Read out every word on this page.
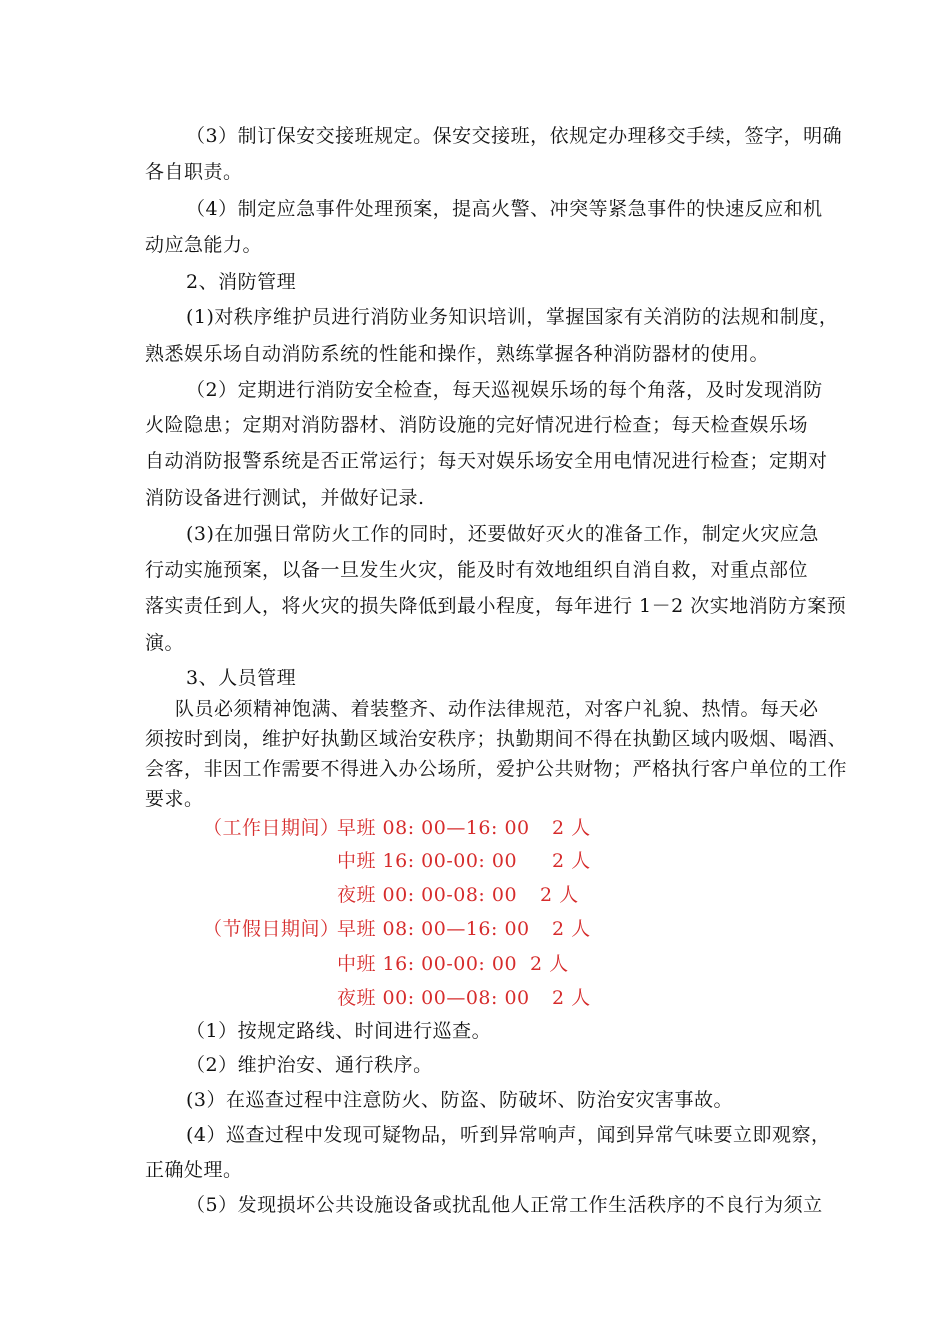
（3）制订保安交接班规定。保安交接班，依规定办理移交手续，签字，明确
各自职责。
（4）制定应急事件处理预案，提高火警、冲突等紧急事件的快速反应和机
动应急能力。
2、消防管理
(1)对秩序维护员进行消防业务知识培训，掌握国家有关消防的法规和制度，
熟悉娱乐场自动消防系统的性能和操作，熟练掌握各种消防器材的使用。
（2）定期进行消防安全检查，每天巡视娱乐场的每个角落，及时发现消防
火险隐患；定期对消防器材、消防设施的完好情况进行检查；每天检查娱乐场
自动消防报警系统是否正常运行；每天对娱乐场安全用电情况进行检查；定期对
消防设备进行测试，并做好记录.
(3)在加强日常防火工作的同时，还要做好灭火的准备工作，制定火灾应急
行动实施预案，以备一旦发生火灾，能及时有效地组织自消自救，对重点部位
落实责任到人，将火灾的损失降低到最小程度，每年进行 1－2 次实地消防方案预
演。
3、人员管理
队员必须精神饱满、着装整齐、动作法律规范，对客户礼貌、热情。每天必
须按时到岗，维护好执勤区域治安秩序；执勤期间不得在执勤区域内吸烟、喝酒、
会客，非因工作需要不得进入办公场所，爱护公共财物；严格执行客户单位的工作
要求。
（工作日期间）
早班 08: 00—16: 00 2 人
中班 16: 00-00: 00 2 人
夜班 00: 00-08: 00 2 人
（节假日期间）
早班 08: 00—16: 00 2 人
中班 16: 00-00: 00 2 人
夜班 00: 00—08: 00 2 人
（1）按规定路线、时间进行巡查。
（2）维护治安、通行秩序。
(3）在巡查过程中注意防火、防盗、防破坏、防治安灾害事故。
(4）巡查过程中发现可疑物品，听到异常响声，闻到异常气味要立即观察，
正确处理。
（5）发现损坏公共设施设备或扰乱他人正常工作生活秩序的不良行为须立
